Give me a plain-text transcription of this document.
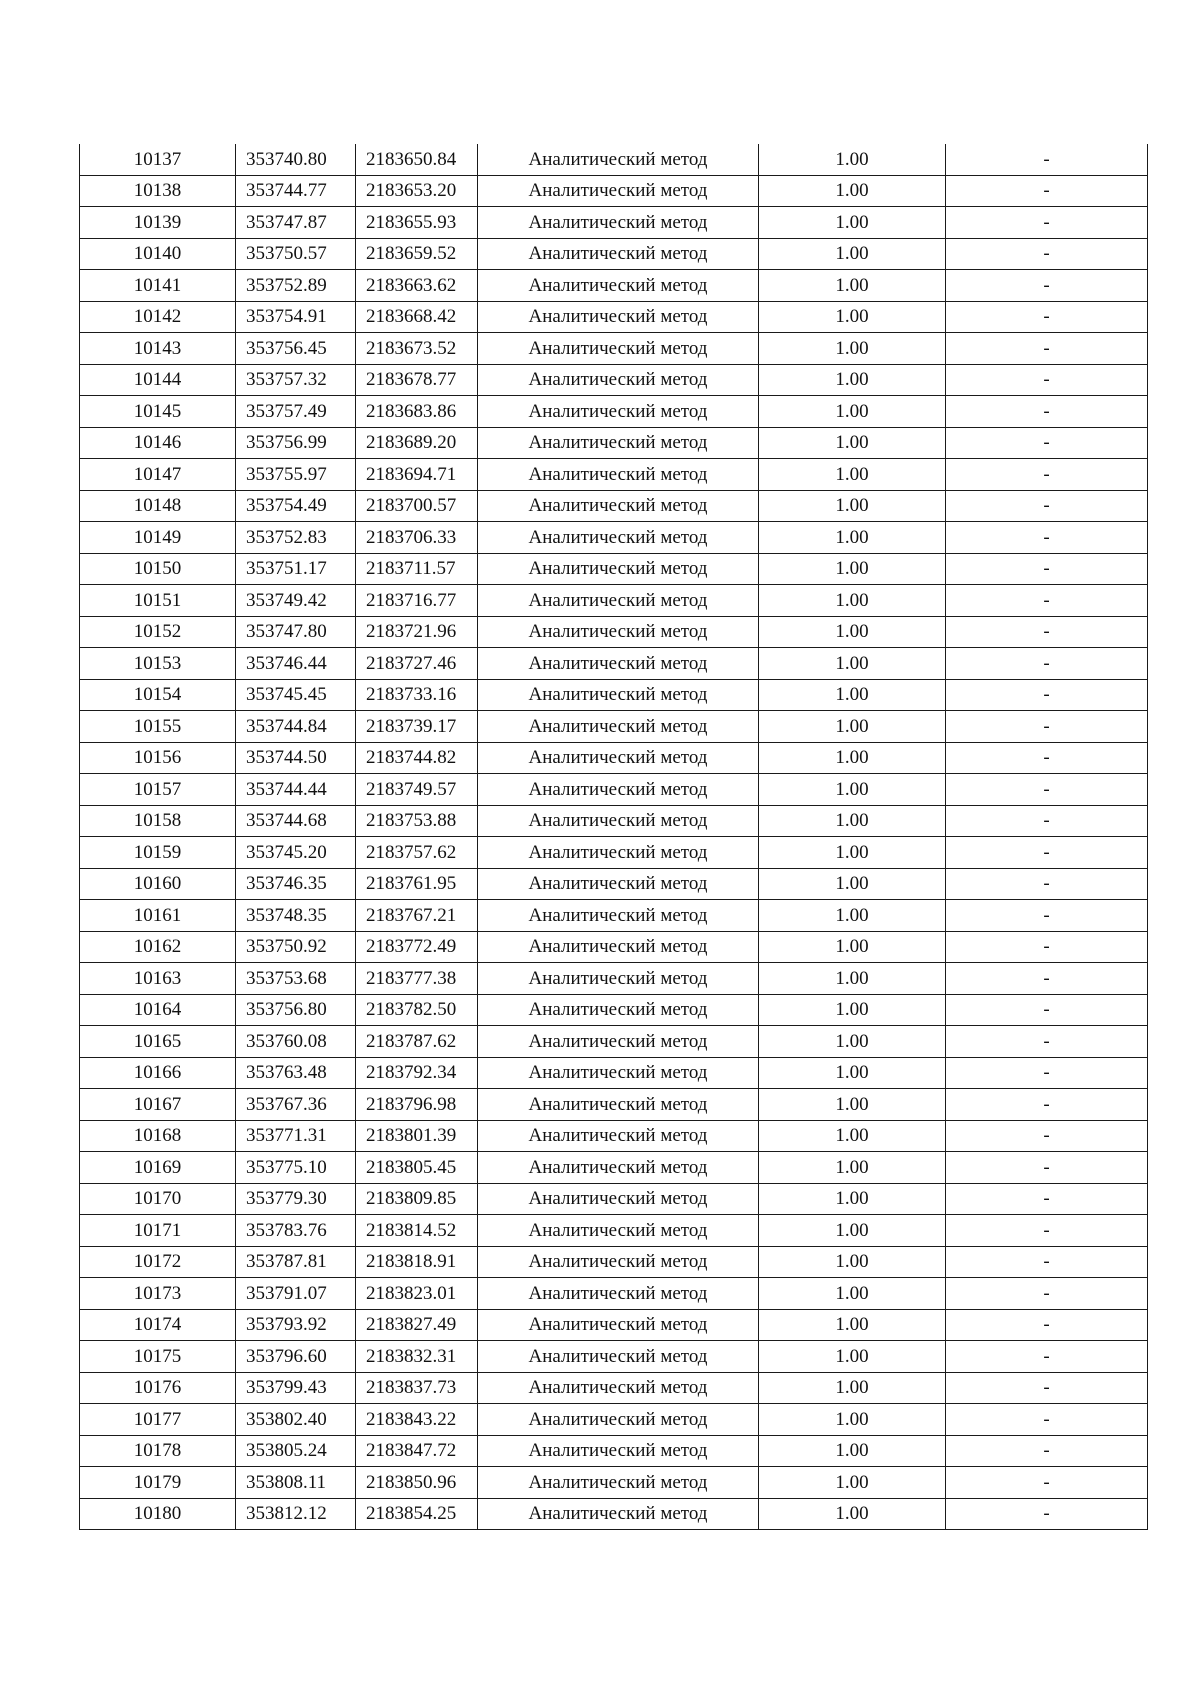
10137	353740.80	2183650.84	Аналитический метод	1.00	-
10138	353744.77	2183653.20	Аналитический метод	1.00	-
10139	353747.87	2183655.93	Аналитический метод	1.00	-
10140	353750.57	2183659.52	Аналитический метод	1.00	-
10141	353752.89	2183663.62	Аналитический метод	1.00	-
10142	353754.91	2183668.42	Аналитический метод	1.00	-
10143	353756.45	2183673.52	Аналитический метод	1.00	-
10144	353757.32	2183678.77	Аналитический метод	1.00	-
10145	353757.49	2183683.86	Аналитический метод	1.00	-
10146	353756.99	2183689.20	Аналитический метод	1.00	-
10147	353755.97	2183694.71	Аналитический метод	1.00	-
10148	353754.49	2183700.57	Аналитический метод	1.00	-
10149	353752.83	2183706.33	Аналитический метод	1.00	-
10150	353751.17	2183711.57	Аналитический метод	1.00	-
10151	353749.42	2183716.77	Аналитический метод	1.00	-
10152	353747.80	2183721.96	Аналитический метод	1.00	-
10153	353746.44	2183727.46	Аналитический метод	1.00	-
10154	353745.45	2183733.16	Аналитический метод	1.00	-
10155	353744.84	2183739.17	Аналитический метод	1.00	-
10156	353744.50	2183744.82	Аналитический метод	1.00	-
10157	353744.44	2183749.57	Аналитический метод	1.00	-
10158	353744.68	2183753.88	Аналитический метод	1.00	-
10159	353745.20	2183757.62	Аналитический метод	1.00	-
10160	353746.35	2183761.95	Аналитический метод	1.00	-
10161	353748.35	2183767.21	Аналитический метод	1.00	-
10162	353750.92	2183772.49	Аналитический метод	1.00	-
10163	353753.68	2183777.38	Аналитический метод	1.00	-
10164	353756.80	2183782.50	Аналитический метод	1.00	-
10165	353760.08	2183787.62	Аналитический метод	1.00	-
10166	353763.48	2183792.34	Аналитический метод	1.00	-
10167	353767.36	2183796.98	Аналитический метод	1.00	-
10168	353771.31	2183801.39	Аналитический метод	1.00	-
10169	353775.10	2183805.45	Аналитический метод	1.00	-
10170	353779.30	2183809.85	Аналитический метод	1.00	-
10171	353783.76	2183814.52	Аналитический метод	1.00	-
10172	353787.81	2183818.91	Аналитический метод	1.00	-
10173	353791.07	2183823.01	Аналитический метод	1.00	-
10174	353793.92	2183827.49	Аналитический метод	1.00	-
10175	353796.60	2183832.31	Аналитический метод	1.00	-
10176	353799.43	2183837.73	Аналитический метод	1.00	-
10177	353802.40	2183843.22	Аналитический метод	1.00	-
10178	353805.24	2183847.72	Аналитический метод	1.00	-
10179	353808.11	2183850.96	Аналитический метод	1.00	-
10180	353812.12	2183854.25	Аналитический метод	1.00	-
